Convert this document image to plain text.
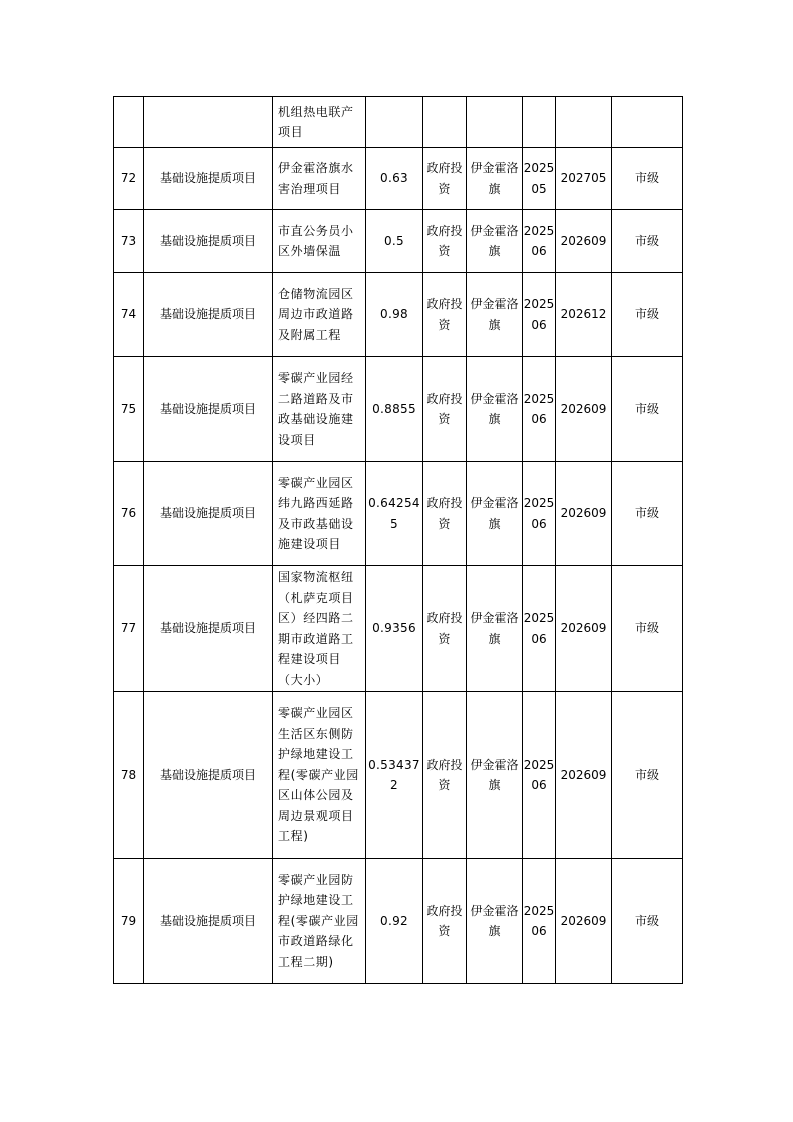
		机组热电联产项目						
72	基础设施提质项目	伊金霍洛旗水害治理项目	0.63	政府投资	伊金霍洛旗	202505	202705	市级
73	基础设施提质项目	市直公务员小区外墙保温	0.5	政府投资	伊金霍洛旗	202506	202609	市级
74	基础设施提质项目	仓储物流园区周边市政道路及附属工程	0.98	政府投资	伊金霍洛旗	202506	202612	市级
75	基础设施提质项目	零碳产业园经二路道路及市政基础设施建设项目	0.8855	政府投资	伊金霍洛旗	202506	202609	市级
76	基础设施提质项目	零碳产业园区纬九路西延路及市政基础设施建设项目	0.642545	政府投资	伊金霍洛旗	202506	202609	市级
77	基础设施提质项目	国家物流枢纽（札萨克项目区）经四路二期市政道路工程建设项目（大小）	0.9356	政府投资	伊金霍洛旗	202506	202609	市级
78	基础设施提质项目	零碳产业园区生活区东侧防护绿地建设工程(零碳产业园区山体公园及周边景观项目工程)	0.534372	政府投资	伊金霍洛旗	202506	202609	市级
79	基础设施提质项目	零碳产业园防护绿地建设工程(零碳产业园市政道路绿化工程二期)	0.92	政府投资	伊金霍洛旗	202506	202609	市级
